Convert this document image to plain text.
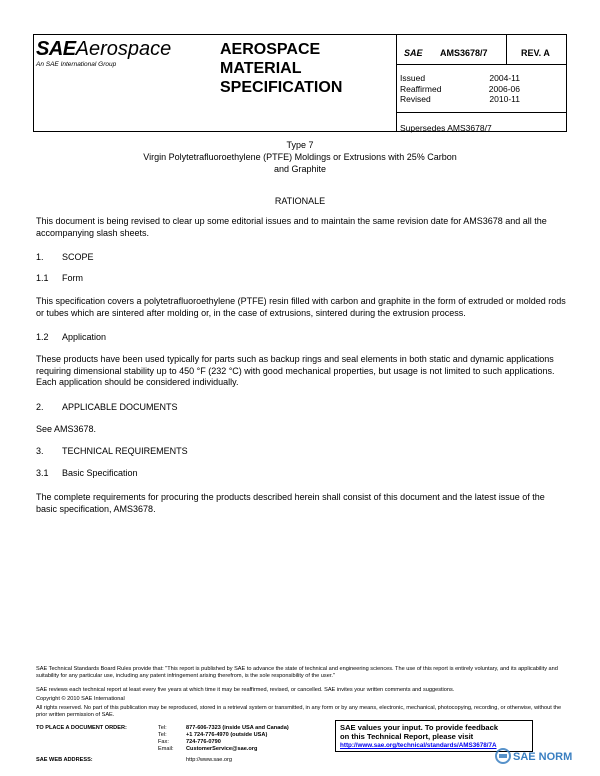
SAEAerospace
An SAE International Group
AEROSPACE
MATERIAL
SPECIFICATION
SAE AMS3678/7	REV. A
Issued	2004-11
Reaffirmed	2006-06
Revised	2010-11
Supersedes AMS3678/7
Type 7
Virgin Polytetrafluoroethylene (PTFE) Moldings or Extrusions with 25% Carbon
and Graphite
RATIONALE
This document is being revised to clear up some editorial issues and to maintain the same revision date for AMS3678 and all the accompanying slash sheets.
1. SCOPE
1.1 Form
This specification covers a polytetrafluoroethylene (PTFE) resin filled with carbon and graphite in the form of extruded or molded rods or tubes which are sintered after molding or, in the case of extrusions, sintered during the extrusion process.
1.2 Application
These products have been used typically for parts such as backup rings and seal elements in both static and dynamic applications requiring dimensional stability up to 450 °F (232 °C) with good mechanical properties, but usage is not limited to such applications. Each application should be considered individually.
2. APPLICABLE DOCUMENTS
See AMS3678.
3. TECHNICAL REQUIREMENTS
3.1 Basic Specification
The complete requirements for procuring the products described herein shall consist of this document and the latest issue of the basic specification, AMS3678.
SAE Technical Standards Board Rules provide that: "This report is published by SAE to advance the state of technical and engineering sciences. The use of this report is entirely voluntary, and its applicability and suitability for any particular use, including any patent infringement arising therefrom, is the sole responsibility of the user."
SAE reviews each technical report at least every five years at which time it may be reaffirmed, revised, or cancelled. SAE invites your written comments and suggestions.
Copyright © 2010 SAE International
All rights reserved. No part of this publication may be reproduced, stored in a retrieval system or transmitted, in any form or by any means, electronic, mechanical, photocopying, recording, or otherwise, without the prior written permission of SAE.
TO PLACE A DOCUMENT ORDER:	Tel:	877-606-7323 (inside USA and Canada)
Tel:	+1 724-776-4970 (outside USA)
Fax:	724-776-0790
Email:	CustomerService@sae.org
SAE WEB ADDRESS:	http://www.sae.org
SAE values your input. To provide feedback
on this Technical Report, please visit
http://www.sae.org/technical/standards/AMS3678/7A
SAE NORM
